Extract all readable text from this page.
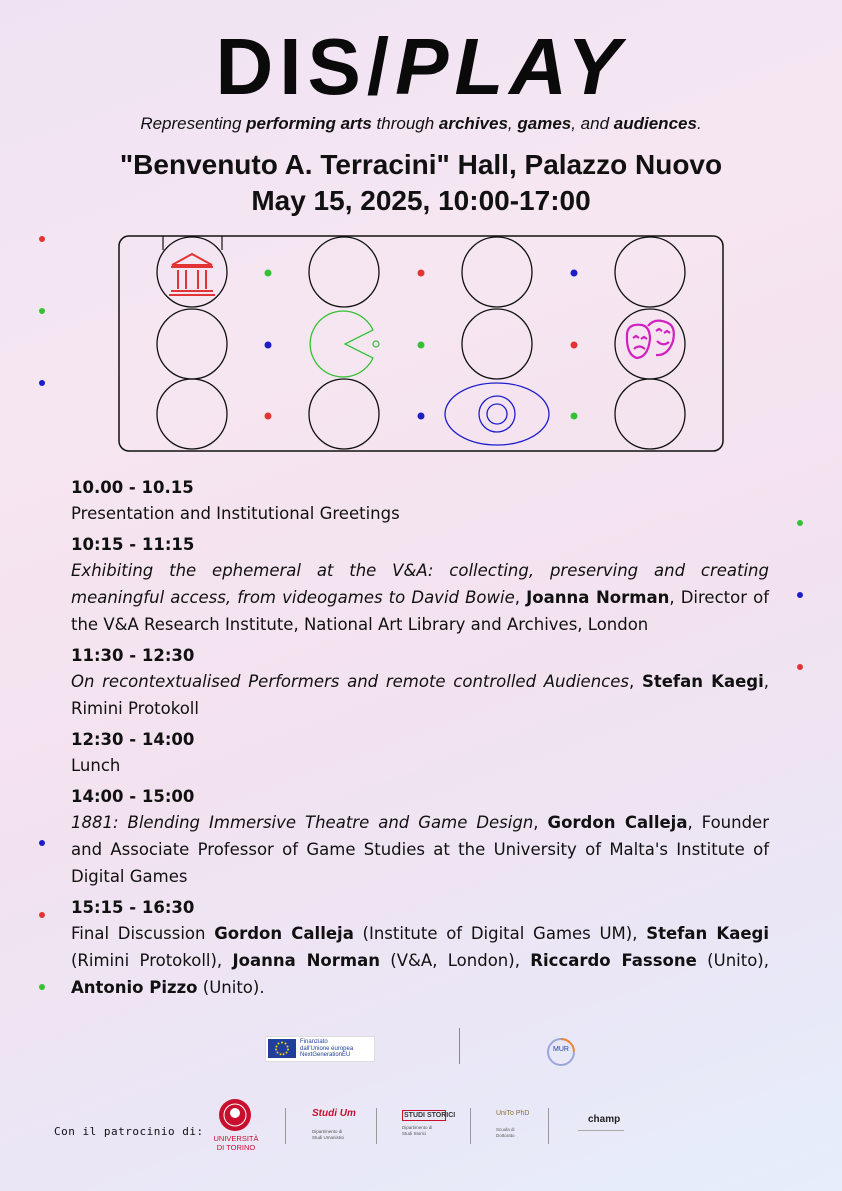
DIS/PLAY
Representing performing arts through archives, games, and audiences.
"Benvenuto A. Terracini" Hall, Palazzo Nuovo
May 15, 2025, 10:00-17:00
10.00 - 10.15
Presentation and Institutional Greetings
10:15 - 11:15
Exhibiting the ephemeral at the V&A: collecting, preserving and creating meaningful access, from videogames to David Bowie, Joanna Norman, Director of the V&A Research Institute, National Art Library and Archives, London
11:30 - 12:30
On recontextualised Performers and remote controlled Audiences, Stefan Kaegi, Rimini Protokoll
12:30 - 14:00
Lunch
14:00 - 15:00
1881: Blending Immersive Theatre and Game Design, Gordon Calleja, Founder and Associate Professor of Game Studies at the University of Malta's Institute of Digital Games
15:15 - 16:30
Final Discussion Gordon Calleja (Institute of Digital Games UM), Stefan Kaegi (Rimini Protokoll), Joanna Norman (V&A, London), Riccardo Fassone (Unito), Antonio Pizzo (Unito).
Finanziato
dall'Unione europea
NextGenerationEU
MUR
Con il patrocinio di:
UNIVERSITÀ
DI TORINO
Studi Um
Dipartimento di
Studi Umanistici
STUDI STORICI
Dipartimento di
Studi Storici
UniTo PhD
Scuola di
Dottorato
champ
